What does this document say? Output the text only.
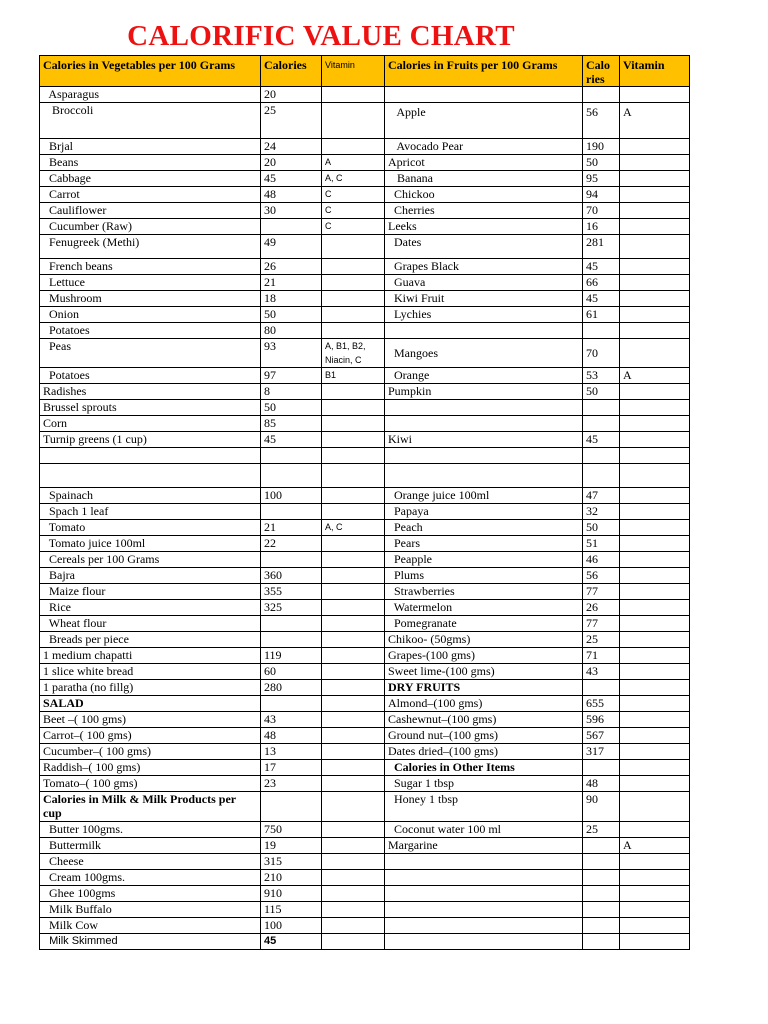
CALORIFIC VALUE CHART
Calories in Vegetables per 100 Grams	Calories	Vitamin	Calories in Fruits per 100 Grams	Calo ries	Vitamin
Asparagus	20				
Broccoli	25		Apple	56	A
Brjal	24		Avocado Pear	190	
Beans	20	A	Apricot	50	
Cabbage	45	A, C	Banana	95	
Carrot	48	C	Chickoo	94	
Cauliflower	30	C	Cherries	70	
Cucumber (Raw)		C	Leeks	16	
Fenugreek (Methi)	49		Dates	281	
French beans	26		Grapes Black	45	
Lettuce	21		Guava	66	
Mushroom	18		Kiwi Fruit	45	
Onion	50		Lychies	61	
Potatoes	80				
Peas	93	A, B1, B2, Niacin, C	Mangoes	70	
Potatoes	97	B1	Orange	53	A
Radishes	8		Pumpkin	50	
Brussel sprouts	50				
Corn	85				
Turnip greens (1 cup)	45		Kiwi	45	

Spainach	100		Orange juice 100ml	47	
Spach 1 leaf			Papaya	32	
Tomato	21	A, C	Peach	50	
Tomato juice 100ml	22		Pears	51	
Cereals per 100 Grams			Peapple	46	
Bajra	360		Plums	56	
Maize flour	355		Strawberries	77	
Rice	325		Watermelon	26	
Wheat flour			Pomegranate	77	
Breads per piece			Chikoo- (50gms)	25	
1 medium chapatti	119		Grapes-(100 gms)	71	
1 slice white bread	60		Sweet lime-(100 gms)	43	
1 paratha (no fillg)	280		DRY FRUITS		
SALAD			Almond–(100 gms)	655	
Beet –( 100 gms)	43		Cashewnut–(100 gms)	596	
Carrot–( 100 gms)	48		Ground nut–(100 gms)	567	
Cucumber–( 100 gms)	13		Dates dried–(100 gms)	317	
Raddish–( 100 gms)	17		Calories in Other Items		
Tomato–( 100 gms)	23		Sugar 1 tbsp	48	
Calories in Milk & Milk Products per cup			Honey 1 tbsp	90	
Butter 100gms.	750		Coconut water 100 ml	25	
Buttermilk	19		Margarine		A
Cheese	315				
Cream 100gms.	210				
Ghee 100gms	910				
Milk Buffalo	115				
Milk Cow	100				
Milk Skimmed	45				
